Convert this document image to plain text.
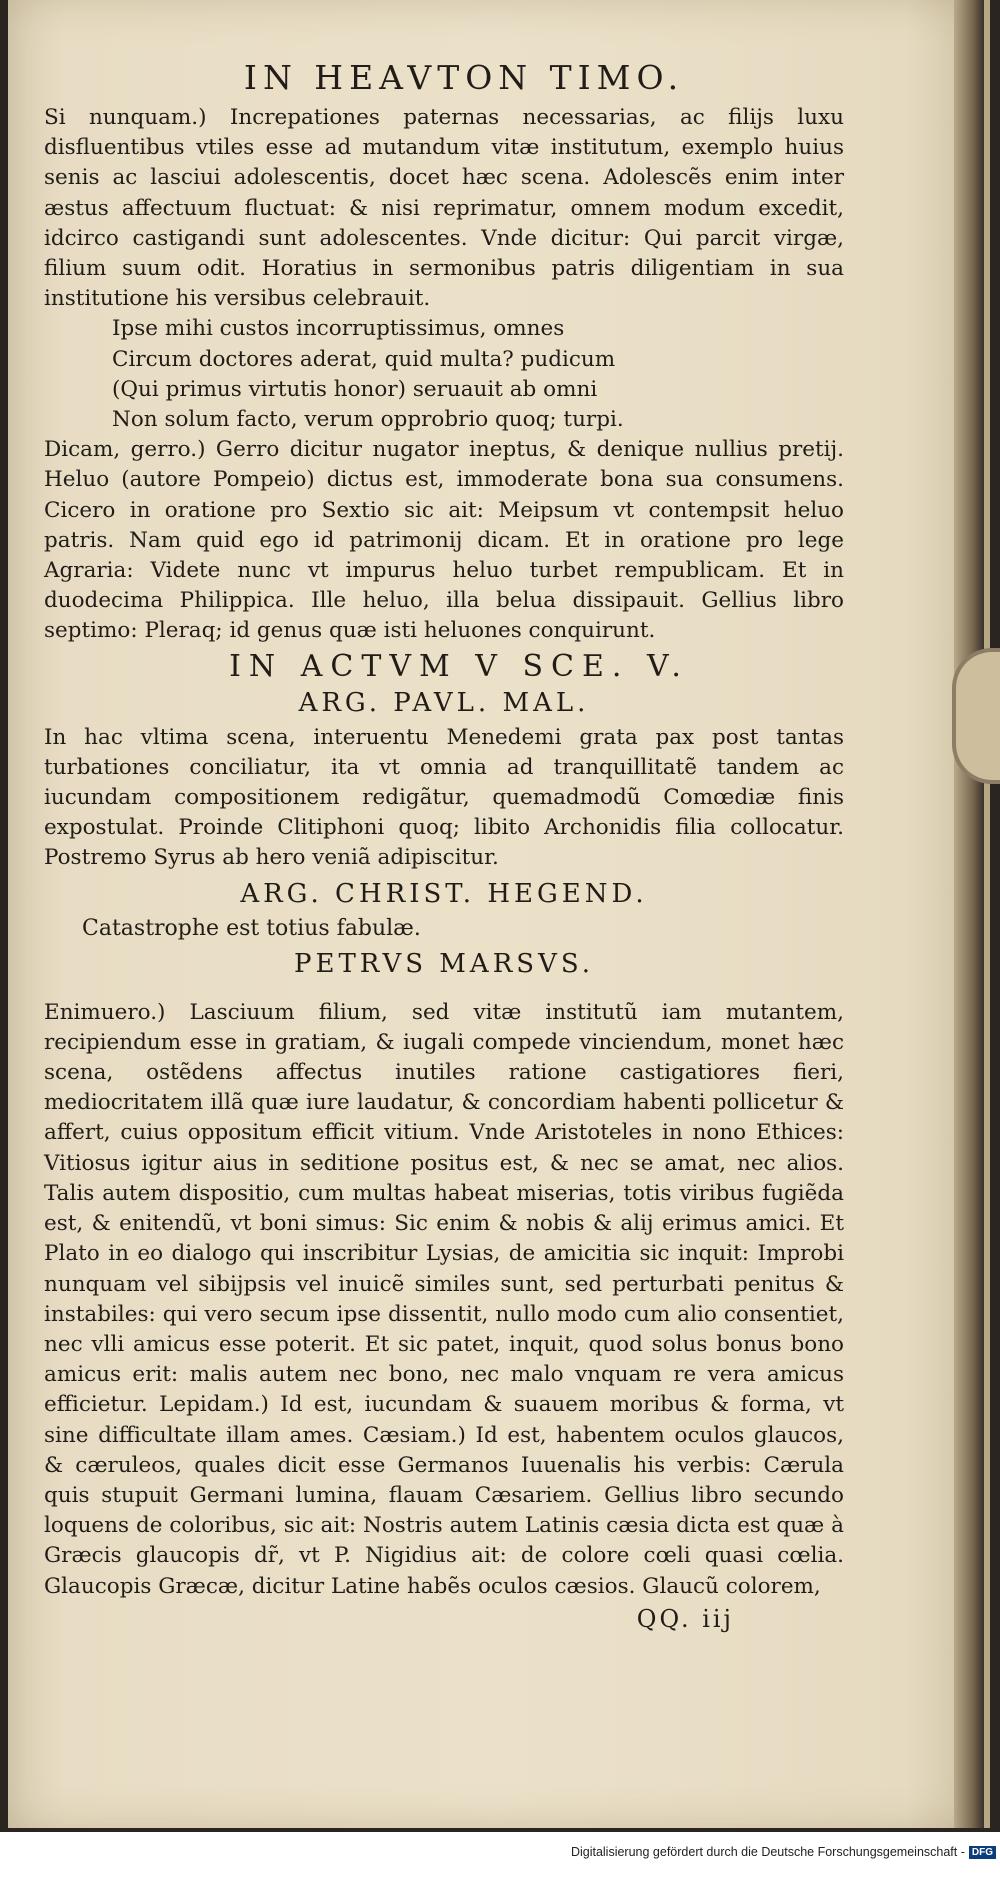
IN HEAVTON TIMO.

Si nunquam.) Increpationes paternas necessarias, ac filijs luxu disfluentibus vtiles esse ad mutandum vitæ institutum, exemplo huius senis ac lasciui adolescentis, docet hæc scena. Adolescẽs enim inter æstus affectuum fluctuat: & nisi reprimatur, omnem modum excedit, idcirco castigandi sunt adolescentes. Vnde dicitur: Qui parcit virgæ, filium suum odit. Horatius in sermonibus patris diligentiam in sua institutione his versibus celebrauit.

Ipse mihi custos incorruptissimus, omnes
Circum doctores aderat, quid multa? pudicum
(Qui primus virtutis honor) seruauit ab omni
Non solum facto, verum opprobrio quoq; turpi.

Dicam, gerro.) Gerro dicitur nugator ineptus, & denique nullius pretij. Heluo (autore Pompeio) dictus est, immoderate bona sua consumens. Cicero in oratione pro Sextio sic ait: Meipsum vt contempsit heluo patris. Nam quid ego id patrimonij dicam. Et in oratione pro lege Agraria: Videte nunc vt impurus heluo turbet rempublicam. Et in duodecima Philippica. Ille heluo, illa belua dissipauit. Gellius libro septimo: Pleraq; id genus quæ isti heluones conquirunt.

IN ACTVM V SCE. V.
ARG. PAVL. MAL.

In hac vltima scena, interuentu Menedemi grata pax post tantas turbationes conciliatur, ita vt omnia ad tranquillitatẽ tandem ac iucundam compositionem redigãtur, quemadmodũ Comœdiæ finis expostulat. Proinde Clitiphoni quoq; libito Archonidis filia collocatur. Postremo Syrus ab hero veniã adipiscitur.

ARG. CHRIST. HEGEND.

Catastrophe est totius fabulæ.

PETRVS MARSVS.

Enimuero.) Lasciuum filium, sed vitæ institutũ iam mutantem, recipiendum esse in gratiam, & iugali compede vinciendum, monet hæc scena, ostẽdens affectus inutiles ratione castigatiores fieri, mediocritatem illã quæ iure laudatur, & concordiam habenti pollicetur & affert, cuius oppositum efficit vitium. Vnde Aristoteles in nono Ethices: Vitiosus igitur aius in seditione positus est, & nec se amat, nec alios. Talis autem dispositio, cum multas habeat miserias, totis viribus fugiẽda est, & enitendũ, vt boni simus: Sic enim & nobis & alij erimus amici. Et Plato in eo dialogo qui inscribitur Lysias, de amicitia sic inquit: Improbi nunquam vel sibijpsis vel inuicẽ similes sunt, sed perturbati penitus & instabiles: qui vero secum ipse dissentit, nullo modo cum alio consentiet, nec vlli amicus esse poterit. Et sic patet, inquit, quod solus bonus bono amicus erit: malis autem nec bono, nec malo vnquam re vera amicus efficietur. Lepidam.) Id est, iucundam & suauem moribus & forma, vt sine difficultate illam ames. Cæsiam.) Id est, habentem oculos glaucos, & cæruleos, quales dicit esse Germanos Iuuenalis his verbis: Cærula quis stupuit Germani lumina, flauam Cæsariem. Gellius libro secundo loquens de coloribus, sic ait: Nostris autem Latinis cæsia dicta est quæ à Græcis glaucopis dr̃, vt P. Nigidius ait: de colore cœli quasi cœlia. Glaucopis Græcæ, dicitur Latine habẽs oculos cæsios. Glaucũ colorem,

QQ. iij
Digitalisierung gefördert durch die Deutsche Forschungsgemeinschaft - DFG
